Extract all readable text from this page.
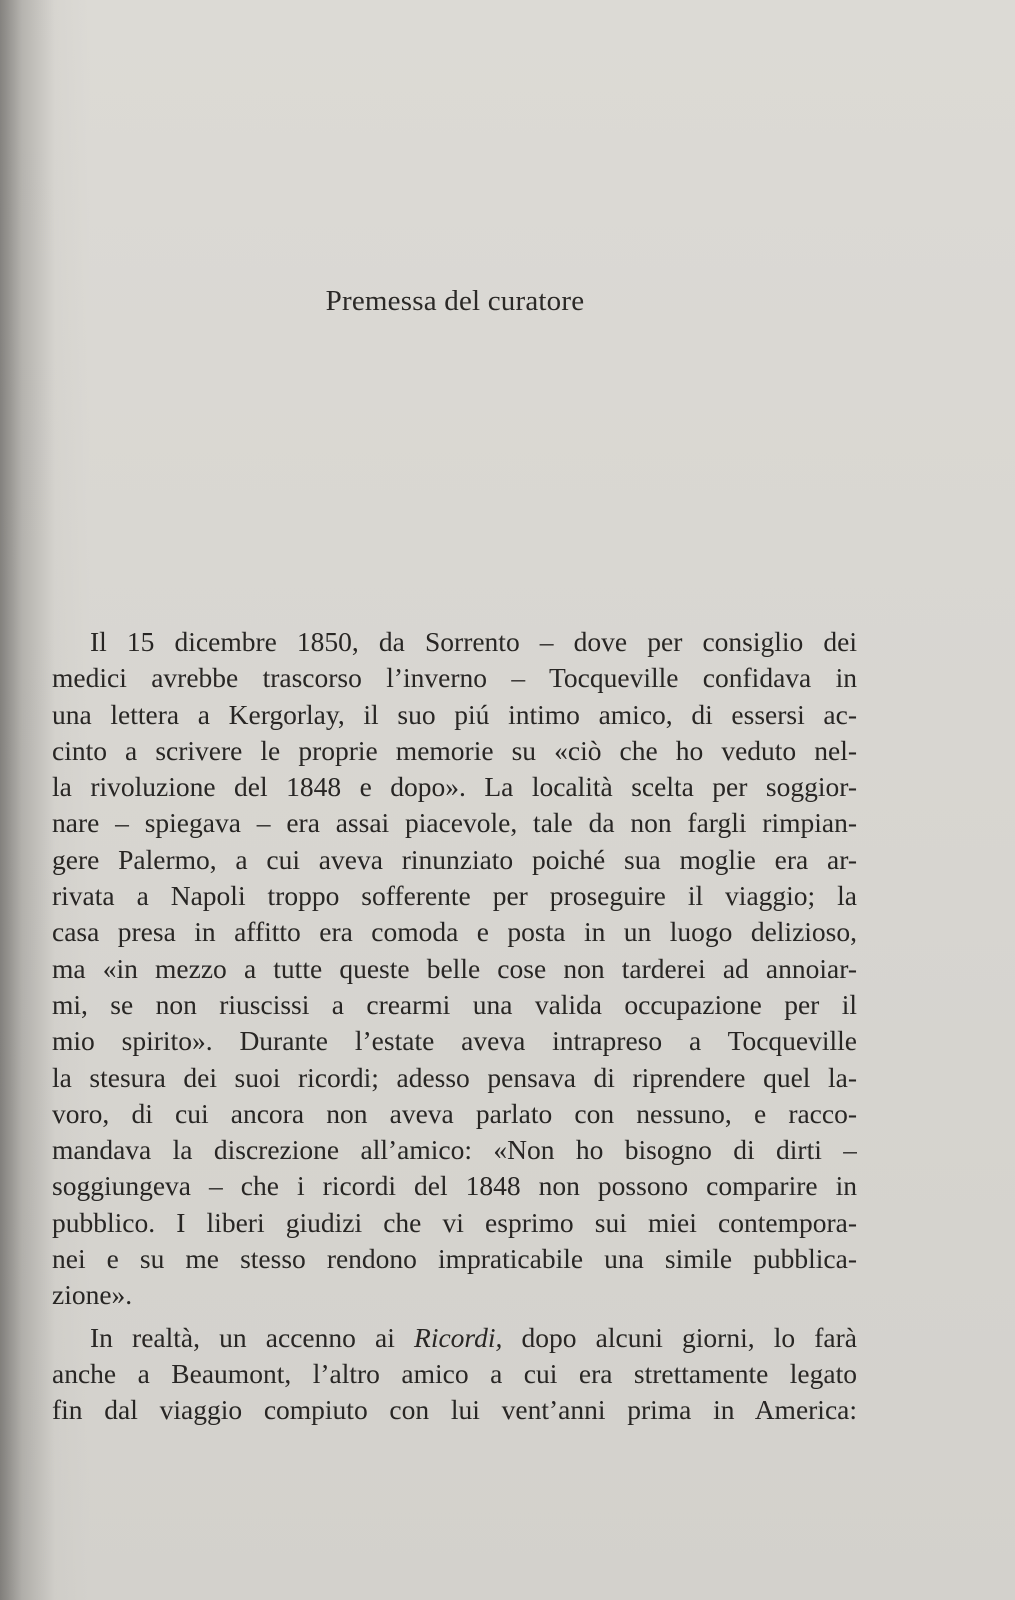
Premessa del curatore
Il 15 dicembre 1850, da Sorrento – dove per consiglio dei
medici avrebbe trascorso l’inverno – Tocqueville confidava in
una lettera a Kergorlay, il suo piú intimo amico, di essersi ac-
cinto a scrivere le proprie memorie su «ciò che ho veduto nel-
la rivoluzione del 1848 e dopo». La località scelta per soggior-
nare – spiegava – era assai piacevole, tale da non fargli rimpian-
gere Palermo, a cui aveva rinunziato poiché sua moglie era ar-
rivata a Napoli troppo sofferente per proseguire il viaggio; la
casa presa in affitto era comoda e posta in un luogo delizioso,
ma «in mezzo a tutte queste belle cose non tarderei ad annoiar-
mi, se non riuscissi a crearmi una valida occupazione per il
mio spirito». Durante l’estate aveva intrapreso a Tocqueville
la stesura dei suoi ricordi; adesso pensava di riprendere quel la-
voro, di cui ancora non aveva parlato con nessuno, e racco-
mandava la discrezione all’amico: «Non ho bisogno di dirti –
soggiungeva – che i ricordi del 1848 non possono comparire in
pubblico. I liberi giudizi che vi esprimo sui miei contempora-
nei e su me stesso rendono impraticabile una simile pubblica-
zione».
In realtà, un accenno ai Ricordi, dopo alcuni giorni, lo farà
anche a Beaumont, l’altro amico a cui era strettamente legato
fin dal viaggio compiuto con lui vent’anni prima in America:
